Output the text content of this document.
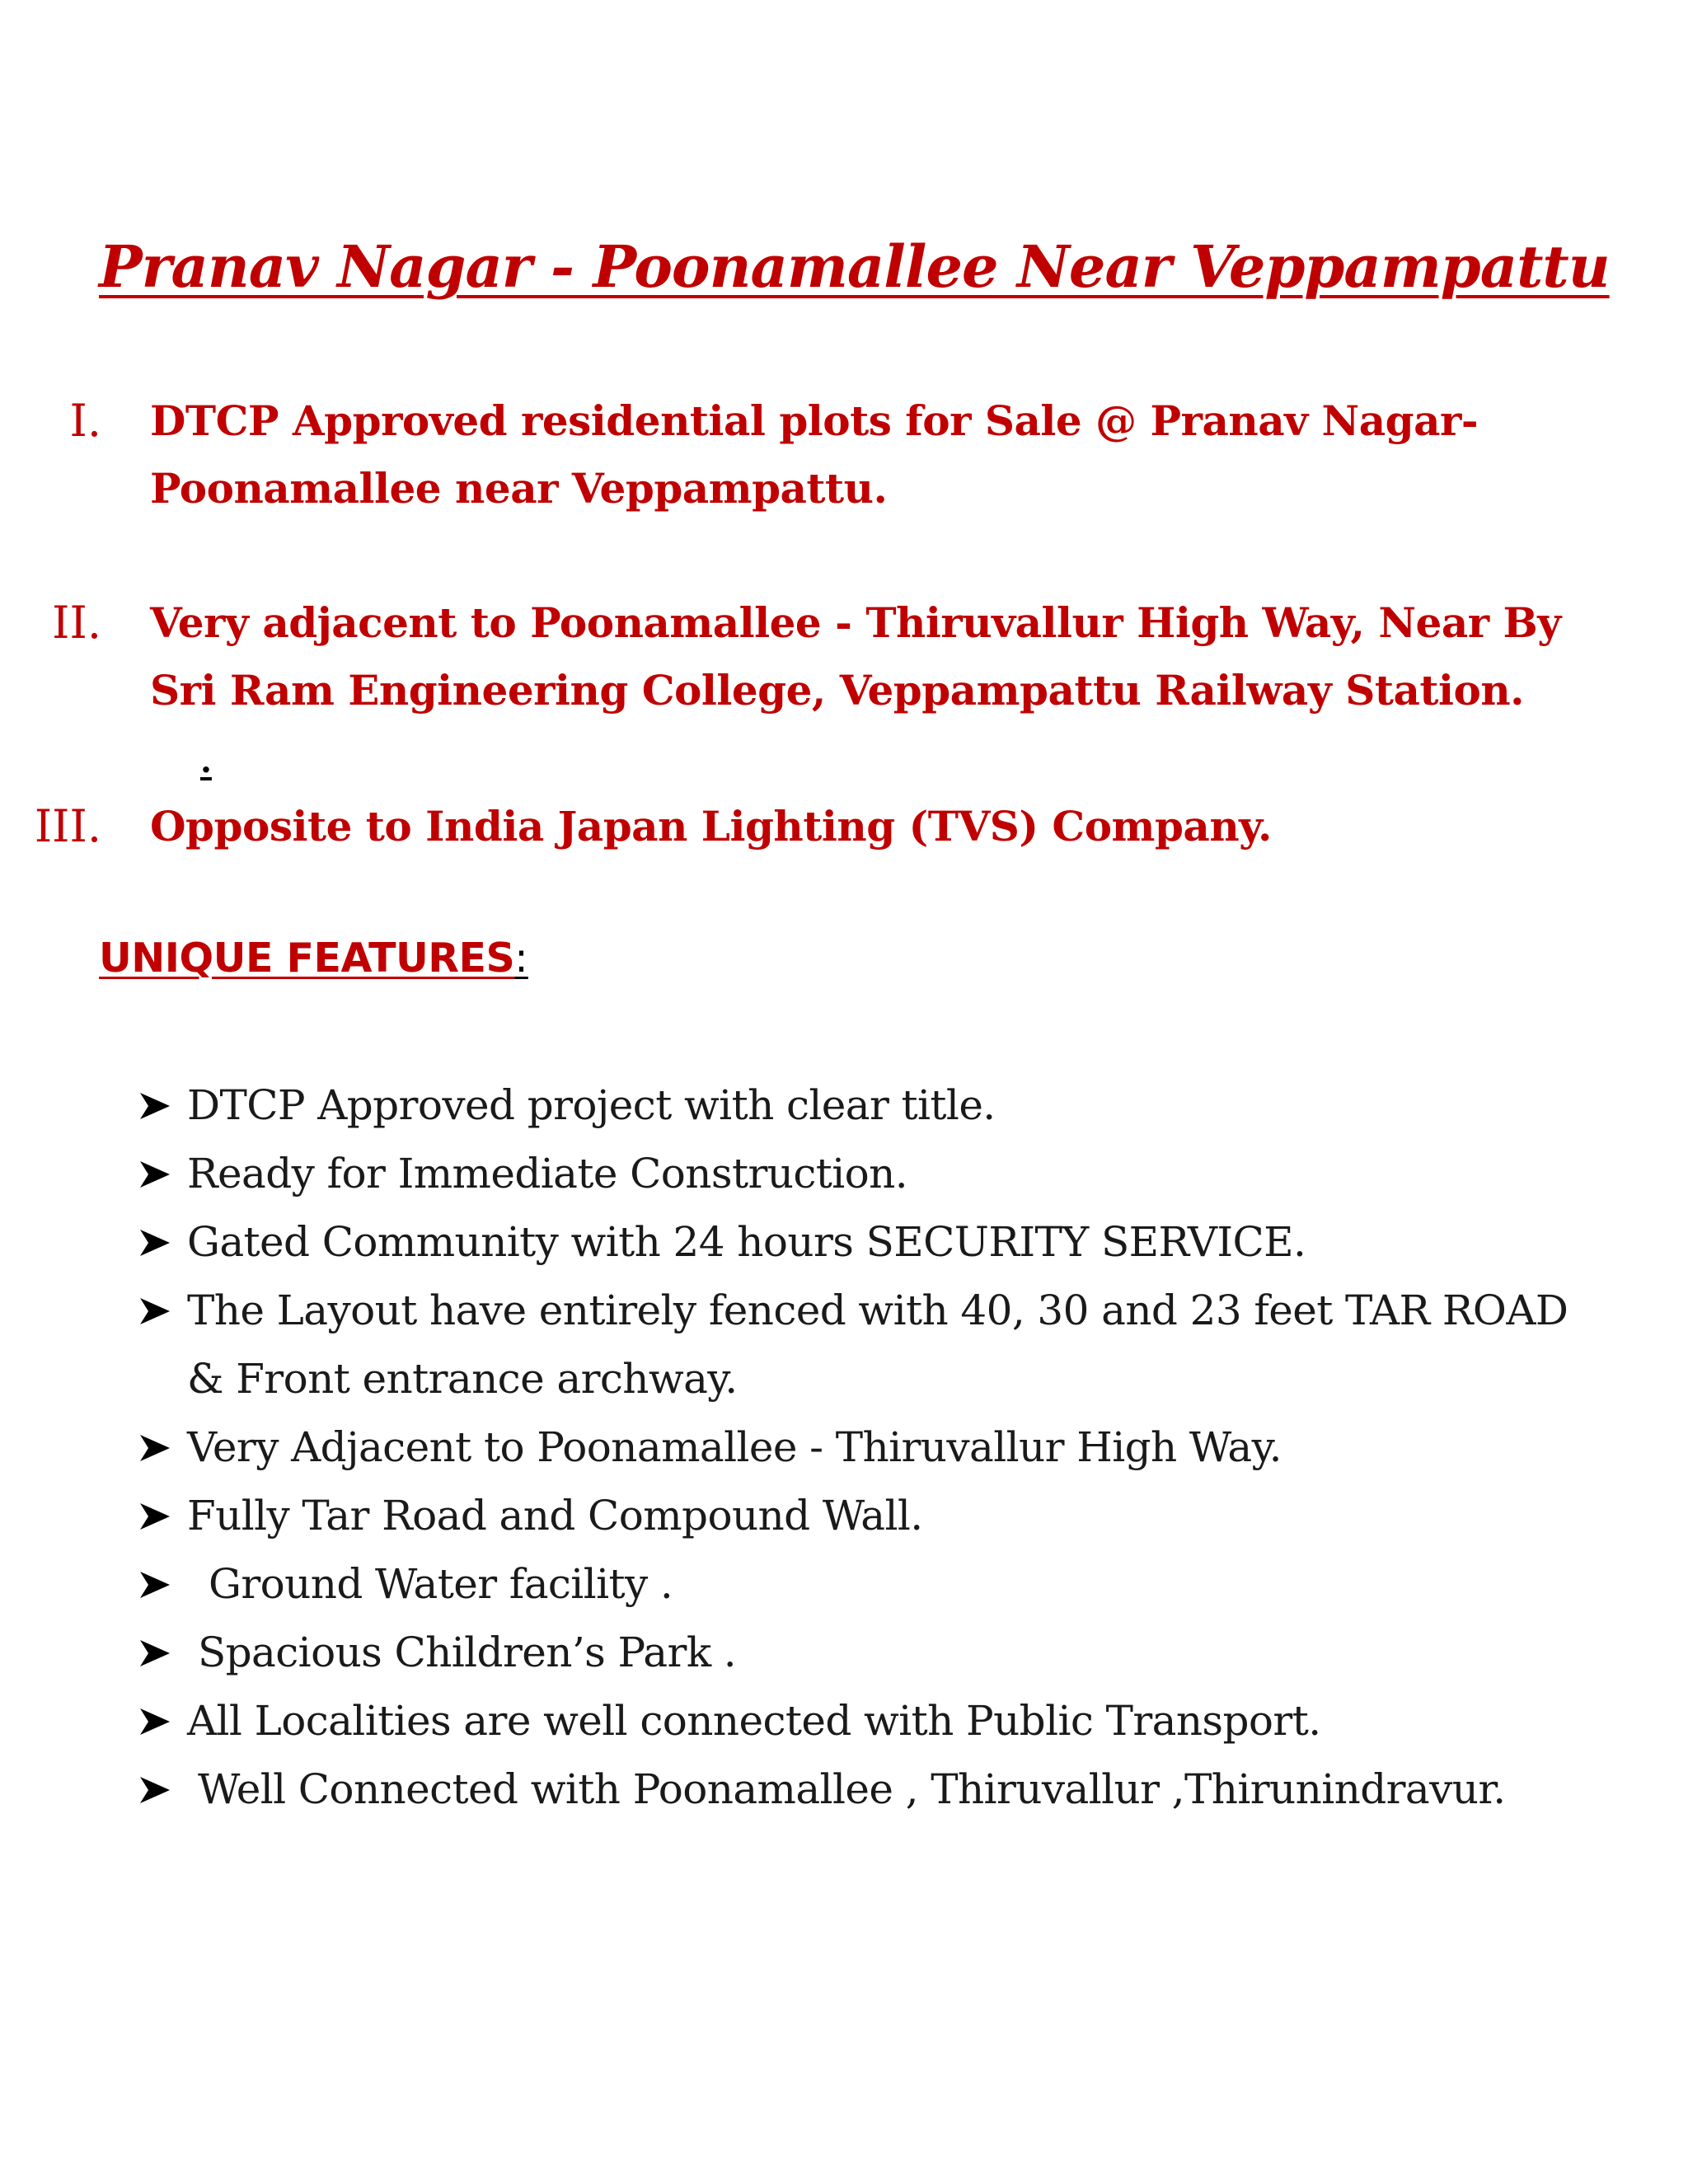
Pranav Nagar - Poonamallee Near Veppampattu
I. DTCP Approved residential plots for Sale @ Pranav Nagar-
Poonamallee near Veppampattu.
II. Very adjacent to Poonamallee - Thiruvallur High Way, Near By
Sri Ram Engineering College, Veppampattu Railway Station.
III. Opposite to India Japan Lighting (TVS) Company.
.
UNIQUE FEATURES:
DTCP Approved project with clear title.
Ready for Immediate Construction.
Gated Community with 24 hours SECURITY SERVICE.
The Layout have entirely fenced with 40, 30 and 23 feet TAR ROAD
& Front entrance archway.
Very Adjacent to Poonamallee - Thiruvallur High Way.
Fully Tar Road and Compound Wall.
Ground Water facility .
Spacious Children’s Park .
All Localities are well connected with Public Transport.
Well Connected with Poonamallee , Thiruvallur ,Thirunindravur.
